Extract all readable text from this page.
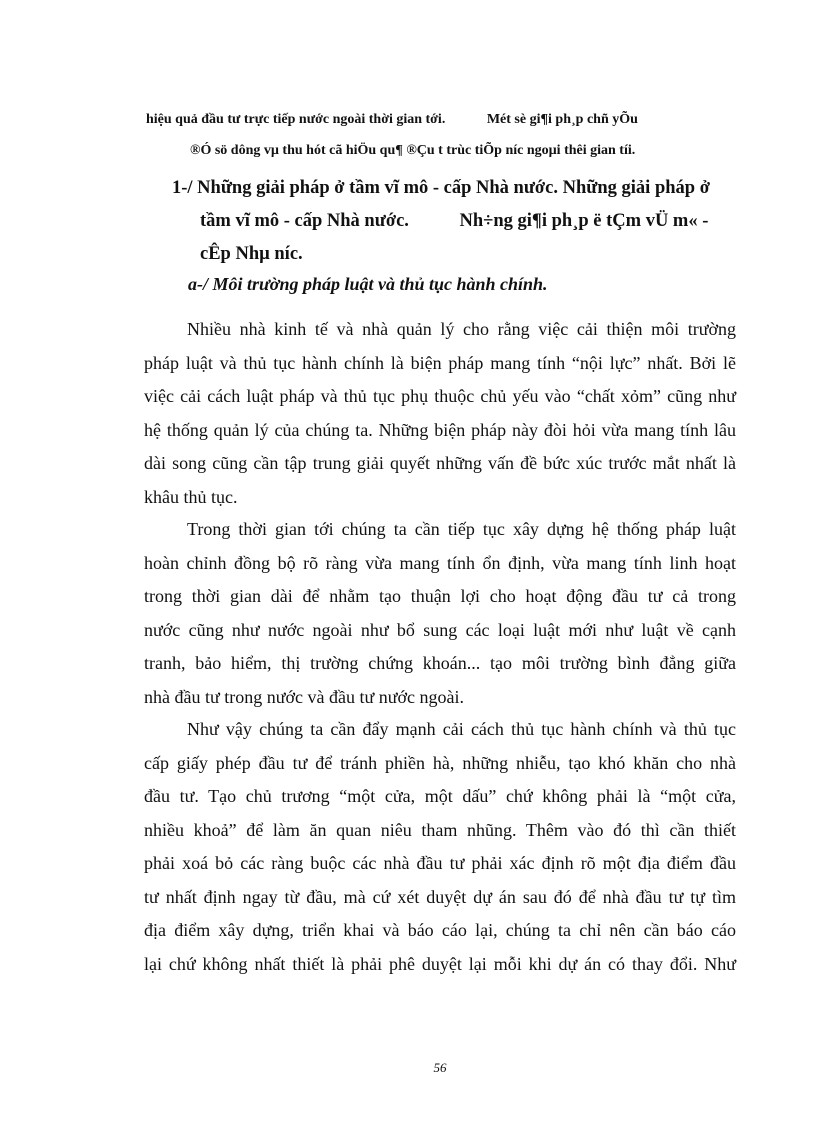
hiệu quả đầu tư trực tiếp nước ngoài thời gian tới.	Mét sè gi¶i ph¸p chñ yÕu
®Ó sö dông vµ thu hót cã hiÖu qu¶ ®Çu t trùc tiÕp níc ngoµi thêi gian tíi.
1-/ Những giải pháp ở tầm vĩ mô - cấp Nhà nước. Những giải pháp ở
tầm vĩ mô - cấp Nhà nước.	Nh÷ng gi¶i ph¸p ë tÇm vÜ m« -
cÊp Nhµ níc.
a-/ Môi trường pháp luật và thủ tục hành chính.
Nhiều nhà kinh tế và nhà quản lý cho rằng việc cải thiện môi trường
pháp luật và thủ tục hành chính là biện pháp mang tính “nội lực” nhất. Bởi lẽ
việc cải cách luật pháp và thủ tục phụ thuộc chủ yếu vào “chất xỏm” cũng như
hệ thống quản lý của chúng ta. Những biện pháp này đòi hỏi vừa mang tính lâu
dài song cũng cần tập trung giải quyết những vấn đề bức xúc trước mắt nhất là
khâu thủ tục.
Trong thời gian tới chúng ta cần tiếp tục xây dựng hệ thống pháp luật
hoàn chỉnh đồng bộ rõ ràng vừa mang tính ổn định, vừa mang tính linh hoạt
trong thời gian dài để nhằm tạo thuận lợi cho hoạt động đầu tư cả trong
nước cũng như nước ngoài như bổ sung các loại luật mới như luật về cạnh
tranh, bảo hiểm, thị trường chứng khoán... tạo môi trường bình đẳng giữa
nhà đầu tư trong nước và đầu tư nước ngoài.
Như vậy chúng ta cần đẩy mạnh cải cách thủ tục hành chính và thủ tục
cấp giấy phép đầu tư để tránh phiền hà, những nhiễu, tạo khó khăn cho nhà
đầu tư. Tạo chủ trương “một cửa, một dấu” chứ không phải là “một cửa,
nhiều khoả” để làm ăn quan niêu tham nhũng. Thêm vào đó thì cần thiết
phải xoá bỏ các ràng buộc các nhà đầu tư phải xác định rõ một địa điểm đầu
tư nhất định ngay từ đầu, mà cứ xét duyệt dự án sau đó để nhà đầu tư tự tìm
địa điểm xây dựng, triển khai và báo cáo lại, chúng ta chỉ nên cần báo cáo
lại chứ không nhất thiết là phải phê duyệt lại mỗi khi dự án có thay đổi. Như
56
